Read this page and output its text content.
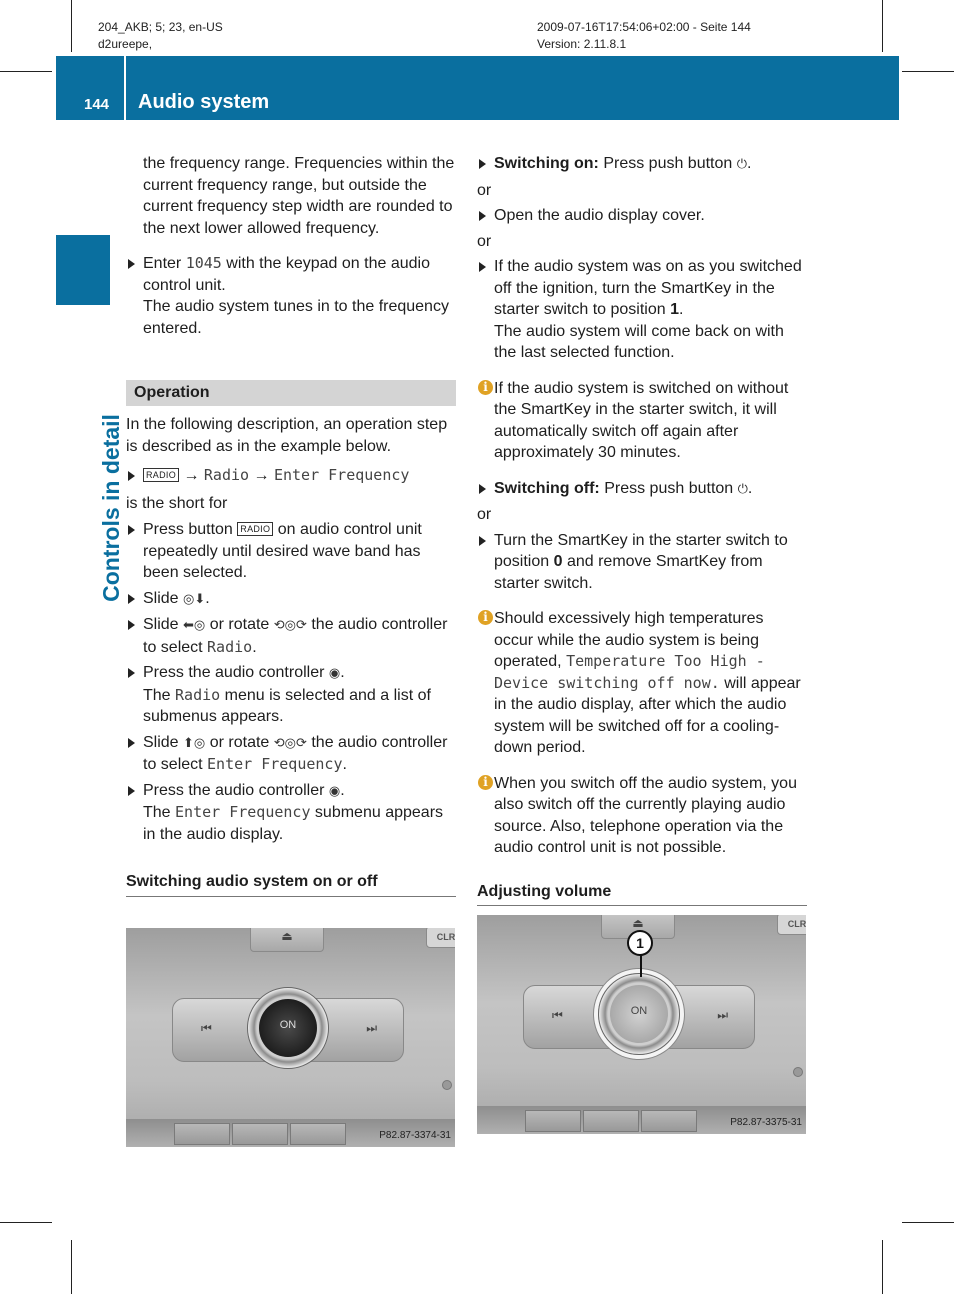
204_AKB; 5; 23, en-US
d2ureepe,
2009-07-16T17:54:06+02:00 - Seite 144
Version: 2.11.8.1
144 Audio system
Controls in detail

the frequency range. Frequencies within the current frequency range, but outside the current frequency step width are rounded to the next lower allowed frequency.

Enter 1045 with the keypad on the audio control unit.
The audio system tunes in to the frequency entered.
Operation

In the following description, an operation step is described as in the example below.

RADIO → Radio → Enter Frequency

is the short for

Press button RADIO on audio control unit repeatedly until desired wave band has been selected.
Slide ◎⬇.
Slide ⬅◎ or rotate ⟲◎⟳ the audio controller to select Radio.
Press the audio controller ◉.
The Radio menu is selected and a list of submenus appears.
Slide ⬆◎ or rotate ⟲◎⟳ the audio controller to select Enter Frequency.
Press the audio controller ◉.
The Enter Frequency submenu appears in the audio display.
Switching audio system on or off
⏏	CLR
⏮	⏭
ON
P82.87-3374-31
Switching on: Press push button ⏻.

or

Open the audio display cover.

or

If the audio system was on as you switched off the ignition, turn the SmartKey in the starter switch to position 1.
The audio system will come back on with the last selected function.
i If the audio system is switched on without the SmartKey in the starter switch, it will automatically switch off again after approximately 30 minutes.
Switching off: Press push button ⏻.

or

Turn the SmartKey in the starter switch to position 0 and remove SmartKey from starter switch.
i Should excessively high temperatures occur while the audio system is being operated, Temperature Too High - Device switching off now. will appear in the audio display, after which the audio system will be switched off for a cooling-down period.
i When you switch off the audio system, you also switch off the currently playing audio source. Also, telephone operation via the audio control unit is not possible.
Adjusting volume
⏏	CLR
⏮	⏭
ON
1
P82.87-3375-31
